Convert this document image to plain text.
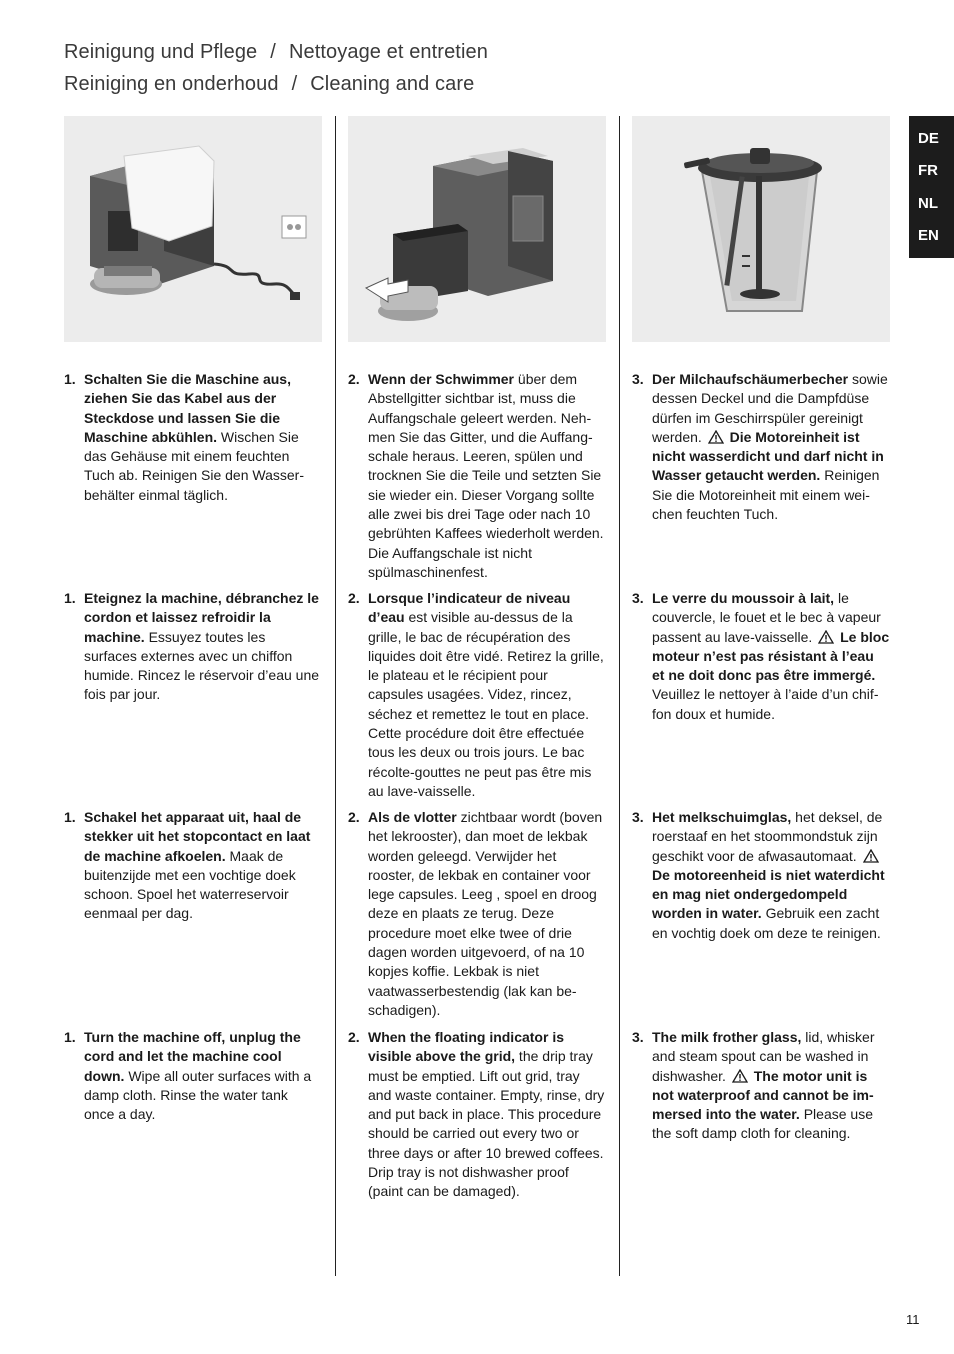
Reinigung und Pflege / Nettoyage et entretien
Reiniging en onderhoud / Cleaning and care
DE
FR
NL
EN
1. Schalten Sie die Maschine aus, ziehen Sie das Kabel aus der Steckdose und lassen Sie die Maschine abkühlen. Wischen Sie das Gehäuse mit einem feuchten Tuch ab. Reinigen Sie den Wasserbehälter einmal täglich.
2. Wenn der Schwimmer über dem Abstellgitter sichtbar ist, muss die Auffangschale geleert werden. Nehmen Sie das Gitter, und die Auffangschale heraus. Leeren, spülen und trocknen Sie die Teile und setzten Sie sie wieder ein. Dieser Vorgang sollte alle zwei bis drei Tage oder nach 10 gebrühten Kaffees wiederholt werden. Die Auffangschale ist nicht spülmaschinenfest.
3. Der Milchaufschäumerbecher sowie dessen Deckel und die Dampfdüse dürfen im Geschirrspüler gereinigt werden.  Die Motoreinheit ist nicht wasserdicht und darf nicht in Wasser getaucht werden. Reinigen Sie die Motoreinheit mit einem weichen feuchten Tuch.
1. Eteignez la machine, débranchez le cordon et laissez refroidir la machine. Essuyez toutes les surfaces externes avec un chiffon humide. Rincez le réservoir d’eau une fois par jour.
2. Lorsque l’indicateur de niveau d’eau est visible au-dessus de la grille, le bac de récupération des liquides doit être vidé. Retirez la grille, le plateau et le récipient pour capsules usagées. Videz, rincez, séchez et remettez le tout en place. Cette procédure doit être effectuée tous les deux ou trois jours. Le bac récolte-gouttes ne peut pas être mis au lave-vaisselle.
3. Le verre du moussoir à lait, le couvercle, le fouet et le bec à vapeur passent au lave-vaisselle.  Le bloc moteur n’est pas résistant à l’eau et ne doit donc pas être immergé. Veuillez le nettoyer à l’aide d’un chiffon doux et humide.
1. Schakel het apparaat uit, haal de stekker uit het stopcontact en laat de machine afkoelen. Maak de buitenzijde met een vochtige doek schoon. Spoel het waterreservoir eenmaal per dag.
2. Als de vlotter zichtbaar wordt (boven het lekrooster), dan moet de lekbak worden geleegd. Verwijder het rooster, de lekbak en container voor lege capsules. Leeg , spoel en droog deze en plaats ze terug. Deze procedure moet elke twee of drie dagen worden uitgevoerd, of na 10 kopjes koffie. Lekbak is niet vaatwasserbestendig (lak kan beschadigen).
3. Het melkschuimglas, het deksel, de roerstaaf en het stoommondstuk zijn geschikt voor de afwasautomaat.  De motoreenheid is niet waterdicht en mag niet ondergedompeld worden in water. Gebruik een zacht en vochtig doek om deze te reinigen.
1. Turn the machine off, unplug the cord and let the machine cool down. Wipe all outer surfaces with a damp cloth. Rinse the water tank once a day.
2. When the floating indicator is visible above the grid, the drip tray must be emptied. Lift out grid, tray and waste container. Empty, rinse, dry and put back in place. This procedure should be carried out every two or three days or after 10 brewed coffees. Drip tray is not dishwasher proof (paint can be damaged).
3. The milk frother glass, lid, whisker and steam spout can be washed in dishwasher.  The motor unit is not waterproof and cannot be immersed into the water. Please use the soft damp cloth for cleaning.
11
